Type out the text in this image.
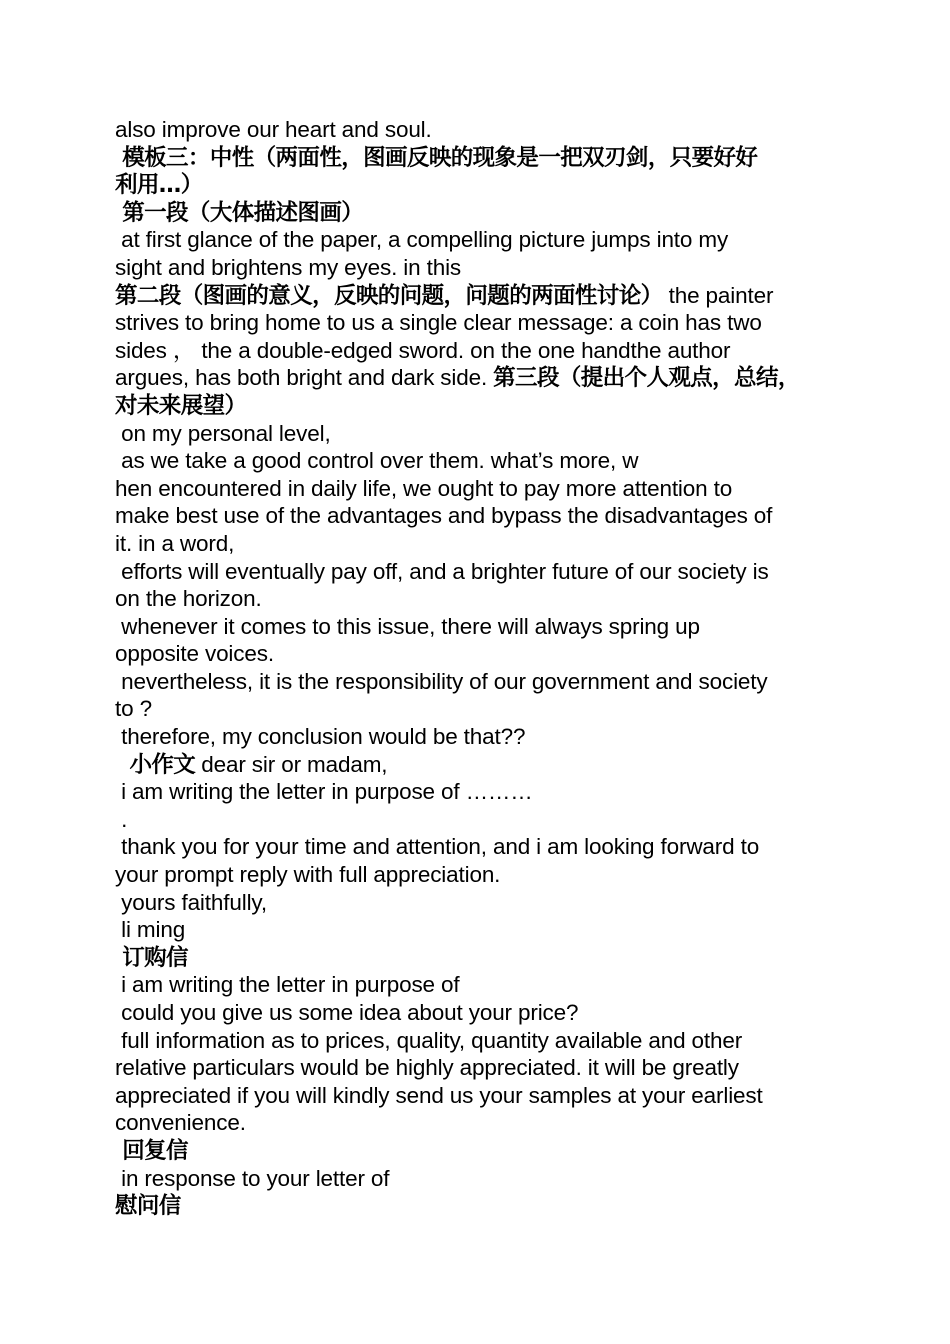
also improve our heart and soul.
模板三：中性（两面性，图画反映的现象是一把双刃剑，只要好好
利用…）
第一段（大体描述图画）
at first glance of the paper, a compelling picture jumps into my
sight and brightens my eyes. in this
第二段（图画的意义，反映的问题，问题的两面性讨论） the painter
strives to bring home to us a single clear message: a coin has two
sides ， the a double-edged sword. on the one handthe author
argues, has both bright and dark side. 第三段（提出个人观点，总结，
对未来展望）
on my personal level,
as we take a good control over them. what’s more, w
hen encountered in daily life, we ought to pay more attention to
make best use of the advantages and bypass the disadvantages of
it. in a word,
efforts will eventually pay off, and a brighter future of our society is
on the horizon.
whenever it comes to this issue, there will always spring up
opposite voices.
nevertheless, it is the responsibility of our government and society
to ?
therefore, my conclusion would be that??
小作文 dear sir or madam,
i am writing the letter in purpose of ………
.
thank you for your time and attention, and i am looking forward to
your prompt reply with full appreciation.
yours faithfully,
li ming
订购信
i am writing the letter in purpose of
could you give us some idea about your price?
full information as to prices, quality, quantity available and other
relative particulars would be highly appreciated. it will be greatly
appreciated if you will kindly send us your samples at your earliest
convenience.
回复信
in response to your letter of
慰问信
